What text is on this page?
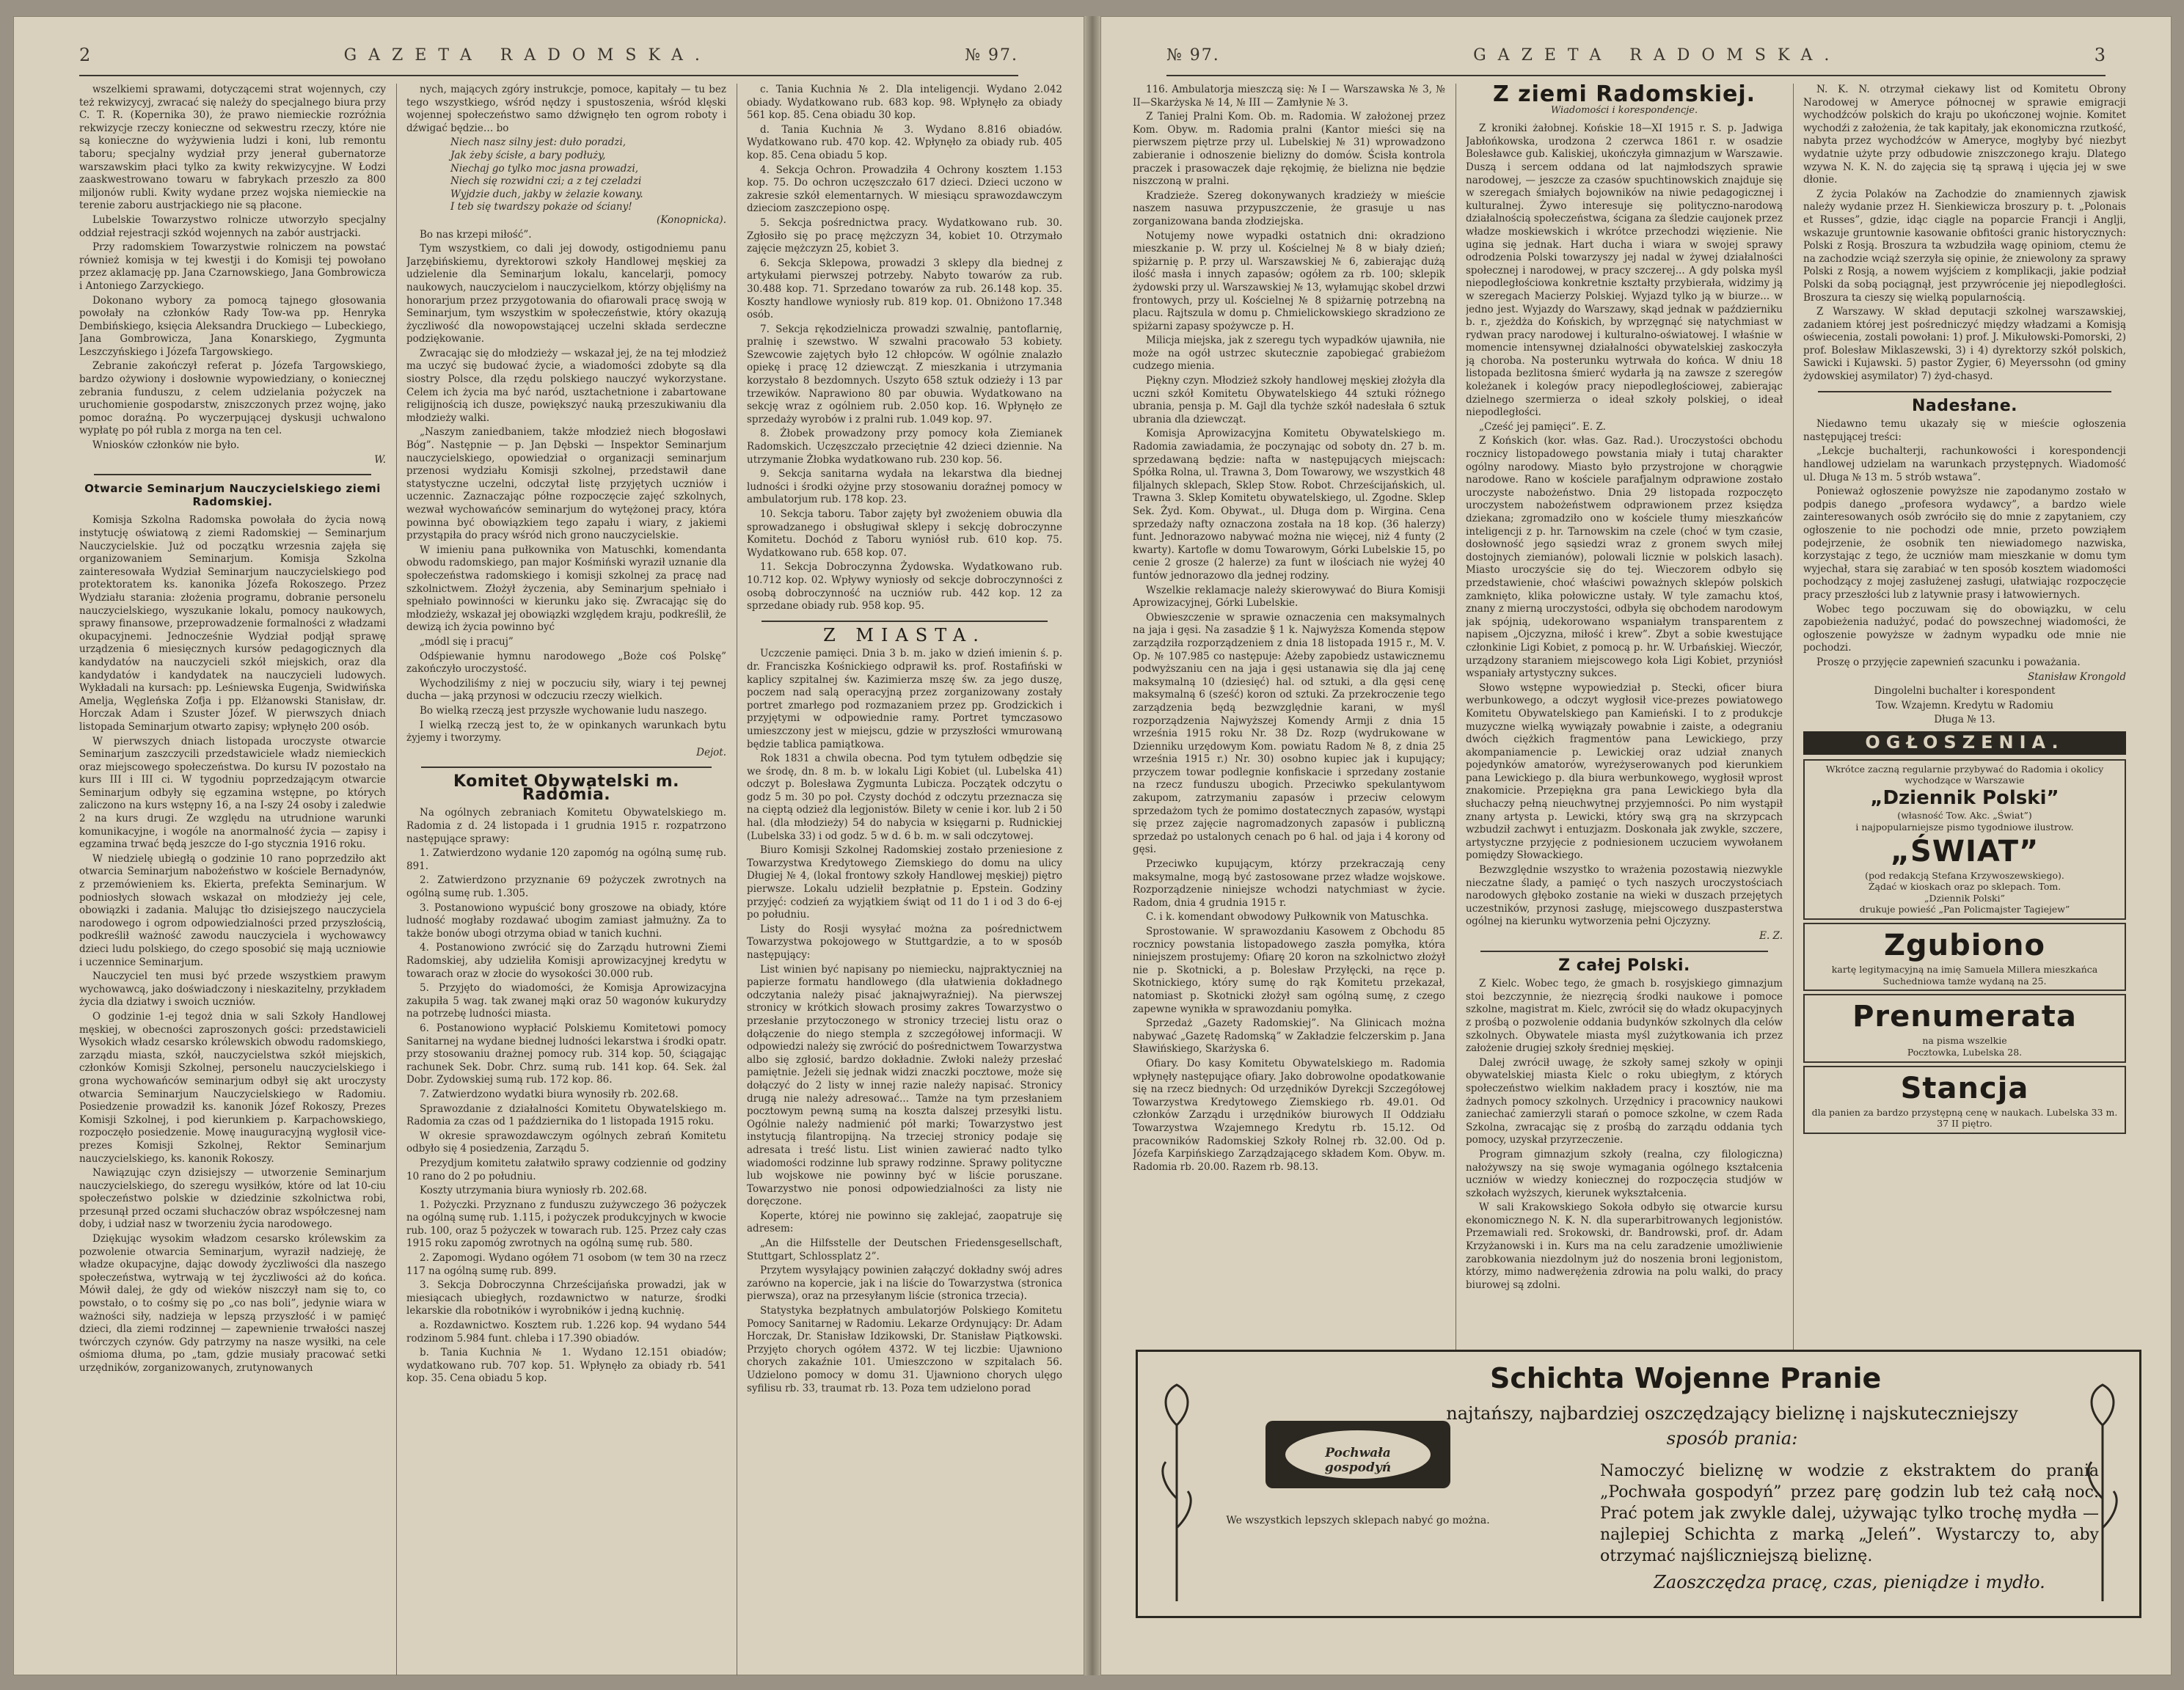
2	GAZETA RADOMSKA.	№ 97.

wszelkiemi sprawami, dotyczącemi strat wojennych, czy też rekwizycyj, zwracać się należy do specjalnego biura przy C. T. R. (Kopernika 30), że prawo niemieckie rozróżnia rekwizycje rzeczy konieczne od sekwestru rzeczy, które nie są konieczne do wyżywienia ludzi i koni, lub remontu taboru; specjalny wydział przy jenerał gubernatorze warszawskim płaci tylko za kwity rekwizycyjne. W Łodzi zaaskwestrowano towaru w fabrykach przeszło za 800 miljonów rubli. Kwity wydane przez wojska niemieckie na terenie zaboru austrjackiego nie są płacone.

Lubelskie Towarzystwo rolnicze utworzyło specjalny oddział rejestracji szkód wojennych na zabór austrjacki.

Przy radomskiem Towarzystwie rolniczem na powstać również komisja w tej kwestji i do Komisji tej powołano przez aklamację pp. Jana Czarnowskiego, Jana Gombrowicza i Antoniego Zarzyckiego.

Dokonano wybory za pomocą tajnego głosowania powołały na członków Rady Tow-wa pp. Henryka Dembińskiego, księcia Aleksandra Druckiego — Lubeckiego, Jana Gombrowicza, Jana Konarskiego, Zygmunta Leszczyńskiego i Józefa Targowskiego.

Zebranie zakończył referat p. Józefa Targowskiego, bardzo ożywiony i dosłownie wypowiedziany, o koniecznej zebrania funduszu, z celem udzielania pożyczek na uruchomienie gospodarstw, zniszczonych przez wojnę, jako pomoc doraźną. Po wyczerpującej dyskusji uchwalono wypłatę po pół rubla z morga na ten cel.

Wniosków członków nie było.

W.

Otwarcie Seminarjum Nauczycielskiego ziemi Radomskiej.

Komisja Szkolna Radomska powołała do życia nową instytucję oświatową z ziemi Radomskiej — Seminarjum Nauczycielskie. Już od początku wrzesnia zajęła się organizowaniem Seminarjum. Komisja Szkolna zainteresowała Wydział Seminarjum nauczycielskiego pod protektoratem ks. kanonika Józefa Rokoszego. Przez Wydziału starania: złożenia programu, dobranie personelu nauczycielskiego, wyszukanie lokalu, pomocy naukowych, sprawy finansowe, przeprowadzenie formalności z władzami okupacyjnemi. Jednocześnie Wydział podjął sprawę urządzenia 6 miesięcznych kursów pedagogicznych dla kandydatów na nauczycieli szkół miejskich, oraz dla kandydatów i kandydatek na nauczycieli ludowych. Wykładali na kursach: pp. Leśniewska Eugenja, Swidwińska Amelja, Węgleńska Zofja i pp. Elżanowski Stanisław, dr. Horczak Adam i Szuster Józef. W pierwszych dniach listopada Seminarjum otwarto zapisy; wpłynęło 200 osób.

W pierwszych dniach listopada uroczyste otwarcie Seminarjum zaszczycili przedstawiciele władz niemieckich oraz miejscowego społeczeństwa. Do kursu IV pozostało na kurs III i III ci. W tygodniu poprzedzającym otwarcie Seminarjum odbyły się egzamina wstępne, po których zaliczono na kurs wstępny 16, a na I-szy 24 osoby i zaledwie 2 na kurs drugi. Ze względu na utrudnione warunki komunikacyjne, i wogóle na anormalność życia — zapisy i egzamina trwać będą jeszcze do I-go stycznia 1916 roku.

W niedzielę ubiegłą o godzinie 10 rano poprzedziło akt otwarcia Seminarjum nabożeństwo w kościele Bernadynów, z przemówieniem ks. Ekierta, prefekta Seminarjum. W podniosłych słowach wskazał on młodzieży jej cele, obowiązki i zadania. Malując tło dzisiejszego nauczyciela narodowego i ogrom odpowiedzialności przed przyszłością, podkreślił ważność zawodu nauczyciela i wychowawcy dzieci ludu polskiego, do czego sposobić się mają uczniowie i uczennice Seminarjum.

Nauczyciel ten musi być przede wszystkiem prawym wychowawcą, jako doświadczony i nieskazitelny, przykładem życia dla dziatwy i swoich uczniów.

O godzinie 1-ej tegoż dnia w sali Szkoły Handlowej męskiej, w obecności zaproszonych gości: przedstawicieli Wysokich władz cesarsko królewskich obwodu radomskiego, zarządu miasta, szkół, nauczycielstwa szkół miejskich, członków Komisji Szkolnej, personelu nauczycielskiego i grona wychowańców seminarjum odbył się akt uroczysty otwarcia Seminarjum Nauczycielskiego w Radomiu. Posiedzenie prowadził ks. kanonik Józef Rokoszy, Prezes Komisji Szkolnej, i pod kierunkiem p. Karpachowskiego, rozpoczęło posiedzenie. Mowę inauguracyjną wygłosił vice-prezes Komisji Szkolnej, Rektor Seminarjum nauczycielskiego, ks. kanonik Rokoszy.

Nawiązując czyn dzisiejszy — utworzenie Seminarjum nauczycielskiego, do szeregu wysiłków, które od lat 10-ciu społeczeństwo polskie w dziedzinie szkolnictwa robi, przesunął przed oczami słuchaczów obraz współczesnej nam doby, i udział nasz w tworzeniu życia narodowego.

Dziękując wysokim władzom cesarsko królewskim za pozwolenie otwarcia Seminarjum, wyraził nadzieję, że władze okupacyjne, dając dowody życzliwości dla naszego społeczeństwa, wytrwają w tej życzliwości aż do końca. Mówił dalej, że gdy od wieków niszczył nam się to, co powstało, o to cośmy się po „co nas boli”, jedynie wiara w ważności siły, nadzieja w lepszą przyszłość i w pamięć dzieci, dla ziemi rodzinnej — zapewnienie trwałości naszej twórczych czynów. Gdy patrzymy na nasze wysiłki, na cele ośmioma dłuma, po „tam, gdzie musiały pracować setki urzędników, zorganizowanych, zrutynowanych

nych, mających zgóry instrukcje, pomoce, kapitały — tu bez tego wszystkiego, wśród nędzy i spustoszenia, wśród klęski wojennej społeczeństwo samo dźwignęło ten ogrom roboty i dźwigać będzie… bo

Niech nasz silny jest: duło poradzi,

Jak żeby ścisłe, a bary podłuży,

Niechaj go tylko moc jasna prowadzi,

Niech się rozwidni czi; a z tej czeladzi

Wyjdzie duch, jakby w żelazie kowany.

I teb się twardszy pokaże od ściany!

(Konopnicka).

Bo nas krzepi miłość”.

Tym wszystkiem, co dali jej dowody, ostigodniemu panu Jarzębińskiemu, dyrektorowi szkoły Handlowej męskiej za udzielenie dla Seminarjum lokalu, kancelarji, pomocy naukowych, nauczycielom i nauczycielkom, którzy objęliśmy na honorarjum przez przygotowania do ofiarowali pracę swoją w Seminarjum, tym wszystkim w społeczeństwie, który okazują życzliwość dla nowopowstającej uczelni składa serdeczne podziękowanie.

Zwracając się do młodzieży — wskazał jej, że na tej młodzież ma uczyć się budować życie, a wiadomości zdobyte są dla siostry Polsce, dla rzędu polskiego nauczyć wykorzystane. Celem ich życia ma być naród, usztachetnione i zabartowane religijnością ich dusze, powiększyć nauką przeszukiwaniu dla młodzieży walki.

„Naszym zaniedbaniem, także młodzież niech błogosławi Bóg”. Następnie — p. Jan Dębski — Inspektor Seminarjum nauczycielskiego, opowiedział o organizacji seminarjum przenosi wydziału Komisji szkolnej, przedstawił dane statystyczne uczelni, odczytał listę przyjętych uczniów i uczennic. Zaznaczając półne rozpoczęcie zajęć szkolnych, wezwał wychowańców seminarjum do wytężonej pracy, która powinna być obowiązkiem tego zapału i wiary, z jakiemi przystąpiła do pracy wśród nich grono nauczycielskie.

W imieniu pana pułkownika von Matuschki, komendanta obwodu radomskiego, pan major Kośmiński wyraził uznanie dla społeczeństwa radomskiego i komisji szkolnej za pracę nad szkolnictwem. Złożył życzenia, aby Seminarjum spełniało i spełniało powinności w kierunku jako się. Zwracając się do młodzieży, wskazał jej obowiązki względem kraju, podkreślił, że dewizą ich życia powinno być

„módl się i pracuj”

Odśpiewanie hymnu narodowego „Boże coś Polskę” zakończyło uroczystość.

Wychodziliśmy z niej w poczuciu siły, wiary i tej pewnej ducha — jaką przynosi w odczuciu rzeczy wielkich.

Bo wielką rzeczą jest przyszłe wychowanie ludu naszego.

I wielką rzeczą jest to, że w opinkanych warunkach bytu żyjemy i tworzymy.

Dejot.

Komitet Obywatelski m. Radomia.

Na ogólnych zebraniach Komitetu Obywatelskiego m. Radomia z d. 24 listopada i 1 grudnia 1915 r. rozpatrzono następujące sprawy:

1. Zatwierdzono wydanie 120 zapomóg na ogólną sumę rub. 891.

2. Zatwierdzono przyznanie 69 pożyczek zwrotnych na ogólną sumę rub. 1.305.

3. Postanowiono wypuścić bony groszowe na obiady, które ludność mogłaby rozdawać ubogim zamiast jałmużny. Za to także bonów ubogi otrzyma obiad w tanich kuchni.

4. Postanowiono zwrócić się do Zarządu hutrowni Ziemi Radomskiej, aby udzieliła Komisji aprowizacyjnej kredytu w towarach oraz w złocie do wysokości 30.000 rub.

5. Przyjęto do wiadomości, że Komisja Aprowizacyjna zakupiła 5 wag. tak zwanej mąki oraz 50 wagonów kukurydzy na potrzebę ludności miasta.

6. Postanowiono wypłacić Polskiemu Komitetowi pomocy Sanitarnej na wydane biednej ludności lekarstwa i środki opatr. przy stosowaniu drażnej pomocy rub. 314 kop. 50, ściągając rachunek Sek. Dobr. Chrz. sumą rub. 141 kop. 64. Sek. żal Dobr. Zydowskiej sumą rub. 172 kop. 86.

7. Zatwierdzono wydatki biura wynosiły rb. 202.68.

Sprawozdanie z działalności Komitetu Obywatelskiego m. Radomia za czas od 1 października do 1 listopada 1915 roku.

W okresie sprawozdawczym ogólnych zebrań Komitetu odbyło się 4 posiedzenia, Zarządu 5.

Prezydjum komitetu załatwiło sprawy codziennie od godziny 10 rano do 2 po południu.

Koszty utrzymania biura wyniosły rb. 202.68.

1. Pożyczki. Przyznano z funduszu zużywczego 36 pożyczek na ogólną sumę rub. 1.115, i pożyczek produkcyjnych w kwocie rub. 100, oraz 5 pożyczek w towarach rub. 125. Przez cały czas 1915 roku zapomóg zwrotnych na ogólną sumę rub. 580.

2. Zapomogi. Wydano ogółem 71 osobom (w tem 30 na rzecz 117 na ogólną sumę rub. 899.

3. Sekcja Dobroczynna Chrześcijańska prowadzi, jak w miesiącach ubiegłych, rozdawnictwo w naturze, środki lekarskie dla robotników i wyrobników i jedną kuchnię.

a. Rozdawnictwo. Kosztem rub. 1.226 kop. 94 wydano 544 rodzinom 5.984 funt. chleba i 17.390 obiadów.

b. Tania Kuchnia № 1. Wydano 12.151 obiadów; wydatkowano rub. 707 kop. 51. Wpłynęło za obiady rb. 541 kop. 35. Cena obiadu 5 kop.

c. Tania Kuchnia № 2. Dla inteligencji. Wydano 2.042 obiady. Wydatkowano rub. 683 kop. 98. Wpłynęło za obiady 561 kop. 85. Cena obiadu 30 kop.

d. Tania Kuchnia № 3. Wydano 8.816 obiadów. Wydatkowano rub. 470 kop. 42. Wpłynęło za obiady rub. 405 kop. 85. Cena obiadu 5 kop.

4. Sekcja Ochron. Prowadziła 4 Ochrony kosztem 1.153 kop. 75. Do ochron uczęszczało 617 dzieci. Dzieci uczono w zakresie szkół elementarnych. W miesiącu sprawozdawczym dzieciom zaszczepiono ospę.

5. Sekcja pośrednictwa pracy. Wydatkowano rub. 30. Zgłosiło się po pracę mężczyzn 34, kobiet 10. Otrzymało zajęcie mężczyzn 25, kobiet 3.

6. Sekcja Sklepowa, prowadzi 3 sklepy dla biednej z artykułami pierwszej potrzeby. Nabyto towarów za rub. 30.488 kop. 71. Sprzedano towarów za rub. 26.148 kop. 35. Koszty handlowe wyniosły rub. 819 kop. 01. Obniżono 17.348 osób.

7. Sekcja rękodzielnicza prowadzi szwalnię, pantoflarnię, pralnię i szewstwo. W szwalni pracowało 53 kobiety. Szewcowie zajętych było 12 chłopców. W ogólnie znalazło opiekę i pracę 12 dziewcząt. Z mieszkania i utrzymania korzystało 8 bezdomnych. Uszyto 658 sztuk odzieży i 13 par trzewików. Naprawiono 80 par obuwia. Wydatkowano na sekcję wraz z ogólniem rub. 2.050 kop. 16. Wpłynęło ze sprzedaży wyrobów i z pralni rub. 1.049 kop. 97.

8. Żłobek prowadzony przy pomocy koła Ziemianek Radomskich. Uczęszczało przeciętnie 42 dzieci dziennie. Na utrzymanie Żłobka wydatkowano rub. 230 kop. 56.

9. Sekcja sanitarna wydała na lekarstwa dla biednej ludności i środki ożyjne przy stosowaniu doraźnej pomocy w ambulatorjum rub. 178 kop. 23.

10. Sekcja taboru. Tabor zajęty był zwożeniem obuwia dla sprowadzanego i obsługiwał sklepy i sekcję dobroczynne Komitetu. Dochód z Taboru wyniósł rub. 610 kop. 75. Wydatkowano rub. 658 kop. 07.

11. Sekcja Dobroczynna Żydowska. Wydatkowano rub. 10.712 kop. 02. Wpływy wyniosły od sekcje dobroczynności z osobą dobroczynność na uczniów rub. 442 kop. 12 za sprzedane obiady rub. 958 kop. 95.

Z MIASTA.

Uczczenie pamięci. Dnia 3 b. m. jako w dzień imienin ś. p. dr. Franciszka Kośnickiego odprawił ks. prof. Rostafiński w kaplicy szpitalnej św. Kazimierza mszę św. za jego duszę, poczem nad salą operacyjną przez zorganizowany zostały portret zmarłego pod rozmazaniem przez pp. Grodzickich i przyjętymi w odpowiednie ramy. Portret tymczasowo umieszczony jest w miejscu, gdzie w przyszłości wmurowaną będzie tablica pamiątkowa.

Rok 1831 a chwila obecna. Pod tym tytułem odbędzie się we środę, dn. 8 m. b. w lokalu Ligi Kobiet (ul. Lubelska 41) odczyt p. Bolesława Zygmunta Lubicza. Początek odczytu o godz 5 m. 30 po poł. Czysty dochód z odczytu przeznacza się na cięptą odzież dla legjonistów. Bilety w cenie i kor. lub 2 i 50 hal. (dla młodzieży) 54 do nabycia w księgarni p. Rudnickiej (Lubelska 33) i od godz. 5 w d. 6 b. m. w sali odczytowej.

Biuro Komisji Szkolnej Radomskiej zostało przeniesione z Towarzystwa Kredytowego Ziemskiego do domu na ulicy Długiej № 4, (lokal frontowy szkoły Handlowej męskiej) piętro pierwsze. Lokalu udzielił bezpłatnie p. Epstein. Godziny przyjęć: codzień za wyjątkiem świąt od 11 do 1 i od 3 do 6-ej po południu.

Listy do Rosji wysyłać można za pośrednictwem Towarzystwa pokojowego w Stuttgardzie, a to w sposób następujący:

List winien być napisany po niemiecku, najpraktyczniej na papierze formatu handlowego (dla ułatwienia dokładnego odczytania należy pisać jaknajwyraźniej). Na pierwszej stronicy w krótkich słowach prosimy zakres Towarzystwo o przesłanie przytoczonego w stronicy trzeciej listu oraz o dołączenie do niego stempla z szczegółowej informacji. W odpowiedzi należy się zwrócić do pośrednictwem Towarzystwa albo się zgłosić, bardzo dokładnie. Zwłoki należy przesłać pamiętnie. Jeżeli się jednak widzi znaczki pocztowe, może się dołączyć do 2 listy w innej razie należy napisać. Stronicy drugą nie należy adresować... Tamże na tym przesłaniem pocztowym pewną sumą na koszta dalszej przesyłki listu. Ogólnie należy nadmienić pół marki; Towarzystwo jest instytucją filantropijną. Na trzeciej stronicy podaje się adresata i treść listu. List winien zawierać nadto tylko wiadomości rodzinne lub sprawy rodzinne. Sprawy polityczne lub wojskowe nie powinny być w liście poruszane. Towarzystwo nie ponosi odpowiedzialności za listy nie doręczone.

Koperte, której nie powinno się zaklejać, zaopatruje się adresem:

„An die Hilfsstelle der Deutschen Friedensgesellschaft, Stuttgart, Schlossplatz 2”.

Przytem wysyłający powinien załączyć dokładny swój adres zarówno na kopercie, jak i na liście do Towarzystwa (stronica pierwsza), oraz na przesyłanym liście (stronica trzecia).

Statystyka bezpłatnych ambulatorjów Polskiego Komitetu Pomocy Sanitarnej w Radomiu. Lekarze Ordynujący: Dr. Adam Horczak, Dr. Stanisław Idzikowski, Dr. Stanisław Piątkowski. Przyjęto chorych ogółem 4372. W tej liczbie: Ujawniono chorych zakaźnie 101. Umieszczono w szpitalach 56. Udzielono pomocy w domu 31. Ujawniono chorych ulęgo syfilisu rb. 33, traumat rb. 13. Poza tem udzielono porad

№ 97.	GAZETA RADOMSKA.	3

116. Ambulatorja mieszczą się: № I — Warszawska № 3, № II—Skarżyska № 14, № III — Zamłynie № 3.

Z Taniej Pralni Kom. Ob. m. Radomia. W założonej przez Kom. Obyw. m. Radomia pralni (Kantor mieści się na pierwszem piętrze przy ul. Lubelskiej № 31) wprowadzono zabieranie i odnoszenie bielizny do domów. Ścisła kontrola praczek i prasowaczek daje rękojmię, że bielizna nie będzie niszczoną w pralni.

Kradzieże. Szereg dokonywanych kradzieży w mieście naszem nasuwa przypuszczenie, że grasuje u nas zorganizowana banda złodziejska.

Notujemy nowe wypadki ostatnich dni: okradziono mieszkanie p. W. przy ul. Kościelnej № 8 w biały dzień; spiżarnię p. P. przy ul. Warszawskiej № 6, zabierając dużą ilość masła i innych zapasów; ogółem za rb. 100; sklepik żydowski przy ul. Warszawskiej № 13, wyłamując skobel drzwi frontowych, przy ul. Kościelnej № 8 spiżarnię potrzebną na placu. Rajtszula w domu p. Chmielickowskiego skradziono ze spiżarni zapasy spożywcze p. H.

Milicja miejska, jak z szeregu tych wypadków ujawniła, nie może na ogół ustrzec skutecznie zapobiegać grabieżom cudzego mienia.

Piękny czyn. Młodzież szkoły handlowej męskiej złożyła dla uczni szkół Komitetu Obywatelskiego 44 sztuki różnego ubrania, pensja p. M. Gajl dla tychże szkół nadesłała 6 sztuk ubrania dla dziewcząt.

Komisja Aprowizacyjna Komitetu Obywatelskiego m. Radomia zawiadamia, że poczynając od soboty dn. 27 b. m. sprzedawaną będzie: nafta w następujących miejscach: Spółka Rolna, ul. Trawna 3, Dom Towarowy, we wszystkich 48 filjalnych sklepach, Sklep Stow. Robot. Chrześcijańskich, ul. Trawna 3. Sklep Komitetu obywatelskiego, ul. Zgodne. Sklep Sek. Żyd. Kom. Obywat., ul. Długa dom p. Wirgina. Cena sprzedaży nafty oznaczona została na 18 kop. (36 halerzy) funt. Jednorazowo nabywać można nie więcej, niż 4 funty (2 kwarty). Kartofle w domu Towarowym, Górki Lubelskie 15, po cenie 2 grosze (2 halerze) za funt w ilościach nie wyżej 40 funtów jednorazowo dla jednej rodziny.

Wszelkie reklamacje należy skierowywać do Biura Komisji Aprowizacyjnej, Górki Lubelskie.

Obwieszczenie w sprawie oznaczenia cen maksymalnych na jaja i gęsi. Na zasadzie § 1 k. Najwyższa Komenda stępow zarządziła rozporządzeniem z dnia 18 listopada 1915 r., M. V. Op. № 107.985 co następuje: Ażeby zapobiedz ustawicznemu podwyższaniu cen na jaja i gęsi ustanawia się dla jaj cenę maksymalną 10 (dziesięć) hal. od sztuki, a dla gęsi cenę maksymalną 6 (sześć) koron od sztuki. Za przekroczenie tego zarządzenia będą bezwzględnie karani, w myśl rozporządzenia Najwyższej Komendy Armji z dnia 15 września 1915 roku Nr. 38 Dz. Rozp (wydrukowane w Dzienniku urzędowym Kom. powiatu Radom № 8, z dnia 25 września 1915 r.) Nr. 30) osobno kupiec jak i kupujący; przyczem towar podlegnie konfiskacie i sprzedany zostanie na rzecz funduszu ubogich. Przeciwko spekulantywom zakupom, zatrzymaniu zapasów i przeciw celowym sprzedażom tych że pomimo dostatecznych zapasów, wystąpi się przez zajęcie nagromadzonych zapasów i publiczną sprzedaż po ustalonych cenach po 6 hal. od jaja i 4 korony od gęsi.

Przeciwko kupującym, którzy przekraczają ceny maksymalne, mogą być zastosowane przez władze wojskowe. Rozporządzenie niniejsze wchodzi natychmiast w życie. Radom, dnia 4 grudnia 1915 r.

C. i k. komendant obwodowy Pułkownik von Matuschka.

Sprostowanie. W sprawozdaniu Kasowem z Obchodu 85 rocznicy powstania listopadowego zaszła pomyłka, która niniejszem prostujemy: Ofiarę 20 koron na szkolnictwo złożył nie p. Skotnicki, a p. Bolesław Przyłęcki, na ręce p. Skotnickiego, który sumę do rąk Komitetu przekazał, natomiast p. Skotnicki złożył sam ogólną sumę, z czego zapewne wynikła w sprawozdaniu pomyłka.

Sprzedaż „Gazety Radomskiej”. Na Glinicach można nabywać „Gazetę Radomską” w Zakładzie felczerskim p. Jana Sławińskiego, Skarżyska 6.

Ofiary. Do kasy Komitetu Obywatelskiego m. Radomia wpłynęły następujące ofiary. Jako dobrowolne opodatkowanie się na rzecz biednych: Od urzędników Dyrekcji Szczegółowej Towarzystwa Kredytowego Ziemskiego rb. 49.01. Od członków Zarządu i urzędników biurowych II Oddziału Towarzystwa Wzajemnego Kredytu rb. 15.12. Od pracowników Radomskiej Szkoły Rolnej rb. 32.00. Od p. Józefa Karpińskiego Zarządzającego składem Kom. Obyw. m. Radomia rb. 20.00. Razem rb. 98.13.

Z ziemi Radomskiej.
Wiadomości i korespondencje.

Z kroniki żałobnej. Końskie 18—XI 1915 r. S. p. Jadwiga Jabłońkowska, urodzona 2 czerwca 1861 r. w osadzie Bolesławce gub. Kaliskiej, ukończyła gimnazjum w Warszawie. Duszą i sercem oddana od lat najmłodszych sprawie narodowej, — jeszcze za czasów spuchtinowskich znajduje się w szeregach śmiałych bojowników na niwie pedagogicznej i kulturalnej. Żywo interesuje się polityczno-narodową działalnością społeczeństwa, ścigana za śledzie caujonek przez władze moskiewskich i wkrótce przechodzi więzienie. Nie ugina się jednak. Hart ducha i wiara w swojej sprawy odrodzenia Polski towarzyszy jej nadal w żywej działalności społecznej i narodowej, w pracy szczerej... A gdy polska myśl niepodległościowa konkretnie kształty przybierała, widzimy ją w szeregach Macierzy Polskiej. Wyjazd tylko ją w biurze... w jedno jest. Wyjazdy do Warszawy, skąd jednak w październiku b. r., zjeżdża do Końskich, by wprzęgnąć się natychmiast w rydwan pracy narodowej i kulturalno-oświatowej. I właśnie w momencie intensywnej działalności obywatelskiej zaskoczyła ją choroba. Na posterunku wytrwała do końca. W dniu 18 listopada bezlitosna śmierć wydarła ją na zawsze z szeregów koleżanek i kolegów pracy niepodległościowej, zabierając dzielnego szermierza o ideał szkoły polskiej, o ideał niepodległości.

„Cześć jej pamięci”. E. Z.

Z Końskich (kor. włas. Gaz. Rad.). Uroczystości obchodu rocznicy listopadowego powstania miały i tutaj charakter ogólny narodowy. Miasto było przystrojone w chorągwie narodowe. Rano w kościele parafjalnym odprawione zostało uroczyste nabożeństwo. Dnia 29 listopada rozpoczęto uroczystem nabożeństwem odprawionem przez księdza dziekana; zgromadziło ono w kościele tłumy mieszkańców inteligencji z p. hr. Tarnowskim na czele (choć w tym czasie, dosłowność jego sąsiedzi wraz z gronem swych miłej dostojnych ziemianów), polowali licznie w polskich lasach). Miasto uroczyście się do tej. Wieczorem odbyło się przedstawienie, choć właściwi poważnych sklepów polskich zamknięto, klika połowiczne ustały. W tyle zamachu ktoś, znany z mierną uroczystości, odbyła się obchodem narodowym jak spójnią, udekorowano wspaniałym transparentem z napisem „Ojczyzna, miłość i krew”. Zbyt a sobie kwestujące członkinie Ligi Kobiet, z pomocą p. hr. W. Urbańskiej. Wieczór, urządzony staraniem miejscowego koła Ligi Kobiet, przyniósł wspaniały artystyczny sukces.

Słowo wstępne wypowiedział p. Stecki, oficer biura werbunkowego, a odczyt wygłosił vice-prezes powiatowego Komitetu Obywatelskiego pan Kamieński. I to z produkcje muzyczne wielką wywiązały powabnie i zaiste, a odegraniu dwóch ciężkich fragmentów pana Lewickiego, przy akompaniamencie p. Lewickiej oraz udział znanych pojedynków amatorów, wyreżyserowanych pod kierunkiem pana Lewickiego p. dla biura werbunkowego, wygłosił wprost znakomicie. Przepiękna gra pana Lewickiego była dla słuchaczy pełną nieuchwytnej przyjemności. Po nim wystąpił znany artysta p. Lewicki, który swą grą na skrzypcach wzbudził zachwyt i entuzjazm. Doskonała jak zwykle, szczere, artystyczne przyjęcie z podniesionem uczuciem wywołanem pomiędzy Słowackiego.

Bezwzględnie wszystko to wrażenia pozostawią niezwykle nieczatne ślady, a pamięć o tych naszych uroczystościach narodowych głęboko zostanie na wieki w duszach przejętych uczestników, przynosi zasługę, miejscowego duszpasterstwa ogólnej na kierunku wytworzenia pełni Ojczyzny.

E. Z.

Z całej Polski.

Z Kielc. Wobec tego, że gmach b. rosyjskiego gimnazjum stoi bezczynnie, że niezręcią środki naukowe i pomoce szkolne, magistrat m. Kielc, zwrócił się do władz okupacyjnych z prośbą o pozwolenie oddania budynków szkolnych dla celów szkolnych. Obywatele miasta myśl zużytkowania ich przez założenie drugiej szkoły średniej męskiej.

Dalej zwrócił uwagę, że szkoły samej szkoły w opinji obywatelskiej miasta Kielc o roku ubiegłym, z których społeczeństwo wielkim nakładem pracy i kosztów, nie ma żadnych pomocy szkolnych. Urzędnicy i pracownicy naukowi zaniechać zamierzyli starań o pomoce szkolne, w czem Rada Szkolna, zwracając się z prośbą do zarządu oddania tych pomocy, uzyskał przyrzeczenie.

Program gimnazjum szkoły (realna, czy filologiczna) nałożywszy na się swoje wymagania ogólnego kształcenia uczniów w wiedzy koniecznej do rozpoczęcia studjów w szkołach wyższych, kierunek wykształcenia.

W sali Krakowskiego Sokoła odbyło się otwarcie kursu ekonomicznego N. K. N. dla superarbitrowanych legjonistów. Przemawiali red. Srokowski, dr. Bandrowski, prof. dr. Adam Krzyżanowski i in. Kurs ma na celu zaradzenie umożliwienie zarobkowania niezdolnym już do noszenia broni legjonistom, którzy, mimo nadwerężenia zdrowia na polu walki, do pracy biurowej są zdolni.

N. K. N. otrzymał ciekawy list od Komitetu Obrony Narodowej w Ameryce północnej w sprawie emigracji wychodźców polskich do kraju po ukończonej wojnie. Komitet wychodźi z założenia, że tak kapitały, jak ekonomiczna rzutkość, nabyta przez wychodźców w Ameryce, mogłyby być niezbyt wydatnie użyte przy odbudowie zniszczonego kraju. Dlatego wzywa N. K. N. do zajęcia się tą sprawą i ujęcia jej w swe dłonie.

Z życia Polaków na Zachodzie do znamiennych zjawisk należy wydanie przez H. Sienkiewicza broszury p. t. „Polonais et Russes”, gdzie, idąc ciągle na poparcie Francji i Anglji, wskazuje gruntownie kasowanie obfitości granic historycznych: Polski z Rosją. Broszura ta wzbudziła wagę opiniom, ctemu że na zachodzie wciąż szerzyła się opinie, że zniewolony za sprawy Polski z Rosją, a nowem wyjściem z komplikacji, jakie podział Polski da sobą pociągnął, jest przywrócenie jej niepodległości. Broszura ta cieszy się wielką popularnością.

Z Warszawy. W skład deputacji szkolnej warszawskiej, zadaniem której jest pośredniczyć między władzami a Komisją oświecenia, zostali powołani: 1) prof. J. Mikułowski-Pomorski, 2) prof. Bolesław Miklaszewski, 3) i 4) dyrektorzy szkół polskich, Sawicki i Kujawski. 5) pastor Zygier, 6) Meyerssohn (od gminy żydowskiej asymilator) 7) żyd-chasyd.

Nadesłane.

Niedawno temu ukazały się w mieście ogłoszenia następującej treści:

„Lekcje buchalterji, rachunkowości i korespondencji handlowej udzielam na warunkach przystępnych. Wiadomość ul. Długa № 13 m. 5 strób wstawa”.

Ponieważ ogłoszenie powyższe nie zapodanymo zostało w podpis danego „profesora wydawcy”, a bardzo wiele zainteresowanych osób zwróciło się do mnie z zapytaniem, czy ogłoszenie to nie pochodzi ode mnie, przeto powziąłem podejrzenie, że osobnik ten niewiadomego nazwiska, korzystając z tego, że uczniów mam mieszkanie w domu tym wyjechał, stara się zarabiać w ten sposób kosztem wiadomości pochodzący z mojej zasłużenej zasługi, ułatwiając rozpoczęcie pracy przeszłości lub z latywnie prasy i łatwowiernych.

Wobec tego poczuwam się do obowiązku, w celu zapobieżenia nadużyć, podać do powszechnej wiadomości, że ogłoszenie powyższe w żadnym wypadku ode mnie nie pochodzi.

Proszę o przyjęcie zapewnień szacunku i poważania.

Stanisław Krongold

Dingolelni buchalter i korespondent

Tow. Wzajemn. Kredytu w Radomiu

Długa № 13.

OGŁOSZENIA.
Wkrótce zaczną regularnie przybywać do Radomia i okolicy wychodzące w Warszawie
„Dziennik Polski”
(własność Tow. Akc. „Świat”)
i najpopularniejsze pismo tygodniowe ilustrow.
„ŚWIAT”
(pod redakcją Stefana Krzywoszewskiego).
Żądać w kioskach oraz po sklepach. Tom.
„Dziennik Polski”
drukuje powieść „Pan Policmajster Tagiejew”
Zgubiono
kartę legitymacyjną na imię Samuela Millera mieszkańca Suchedniowa tamże wydaną na 25.
Prenumerata
na pisma wszelkie
Pocztowka, Lubelska 28.
Stancja
dla panien za bardzo przystępną cenę w naukach. Lubelska 33 m. 37 II piętro.
Schichta Wojenne Pranie
najtańszy, najbardziej oszczędzający bieliznę i najskuteczniejszy
sposób prania:
Pochwała gospodyń
We wszystkich lepszych sklepach nabyć go można.
Namoczyć bieliznę w wodzie z ekstraktem do prania „Pochwała gospodyń” przez parę godzin lub też całą noc. Prać potem jak zwykle dalej, używając tylko trochę mydła — najlepiej Schichta z marką „Jeleń”. Wystarczy to, aby otrzymać najśliczniejszą bieliznę.
Zaoszczędza pracę, czas, pieniądze i mydło.
